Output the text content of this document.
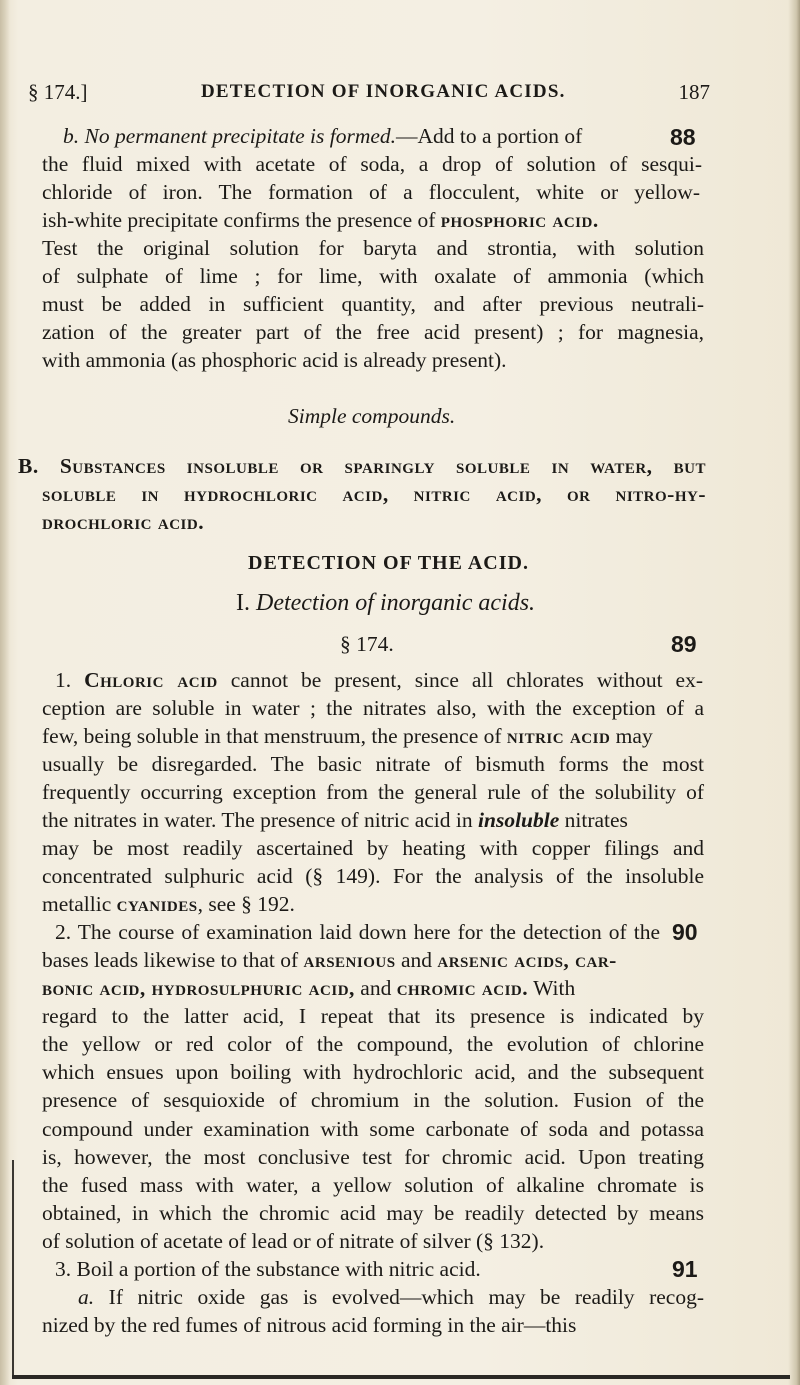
§ 174.]	DETECTION OF INORGANIC ACIDS.	187
b. No permanent precipitate is formed.—Add to a portion of	88
the fluid mixed with acetate of soda, a drop of solution of sesqui-
chloride of iron. The formation of a flocculent, white or yellow-
ish-white precipitate confirms the presence of phosphoric acid.
Test the original solution for baryta and strontia, with solution
of sulphate of lime ; for lime, with oxalate of ammonia (which
must be added in sufficient quantity, and after previous neutrali-
zation of the greater part of the free acid present) ; for magnesia,
with ammonia (as phosphoric acid is already present).
Simple compounds.
B. Substances insoluble or sparingly soluble in water, but
soluble in hydrochloric acid, nitric acid, or nitro-hy-
drochloric acid.
DETECTION OF THE ACID.
I. Detection of inorganic acids.
§ 174.	89
1. Chloric acid cannot be present, since all chlorates without ex-
ception are soluble in water ; the nitrates also, with the exception of a
few, being soluble in that menstruum, the presence of nitric acid may
usually be disregarded. The basic nitrate of bismuth forms the most
frequently occurring exception from the general rule of the solubility of
the nitrates in water. The presence of nitric acid in insoluble nitrates
may be most readily ascertained by heating with copper filings and
concentrated sulphuric acid (§ 149). For the analysis of the insoluble
metallic cyanides, see § 192.
2. The course of examination laid down here for the detection of the 90
bases leads likewise to that of arsenious and arsenic acids, car-
bonic acid, hydrosulphuric acid, and chromic acid. With
regard to the latter acid, I repeat that its presence is indicated by
the yellow or red color of the compound, the evolution of chlorine
which ensues upon boiling with hydrochloric acid, and the subsequent
presence of sesquioxide of chromium in the solution. Fusion of the
compound under examination with some carbonate of soda and potassa
is, however, the most conclusive test for chromic acid. Upon treating
the fused mass with water, a yellow solution of alkaline chromate is
obtained, in which the chromic acid may be readily detected by means
of solution of acetate of lead or of nitrate of silver (§ 132).
3. Boil a portion of the substance with nitric acid.	91
a. If nitric oxide gas is evolved—which may be readily recog-
nized by the red fumes of nitrous acid forming in the air—this
